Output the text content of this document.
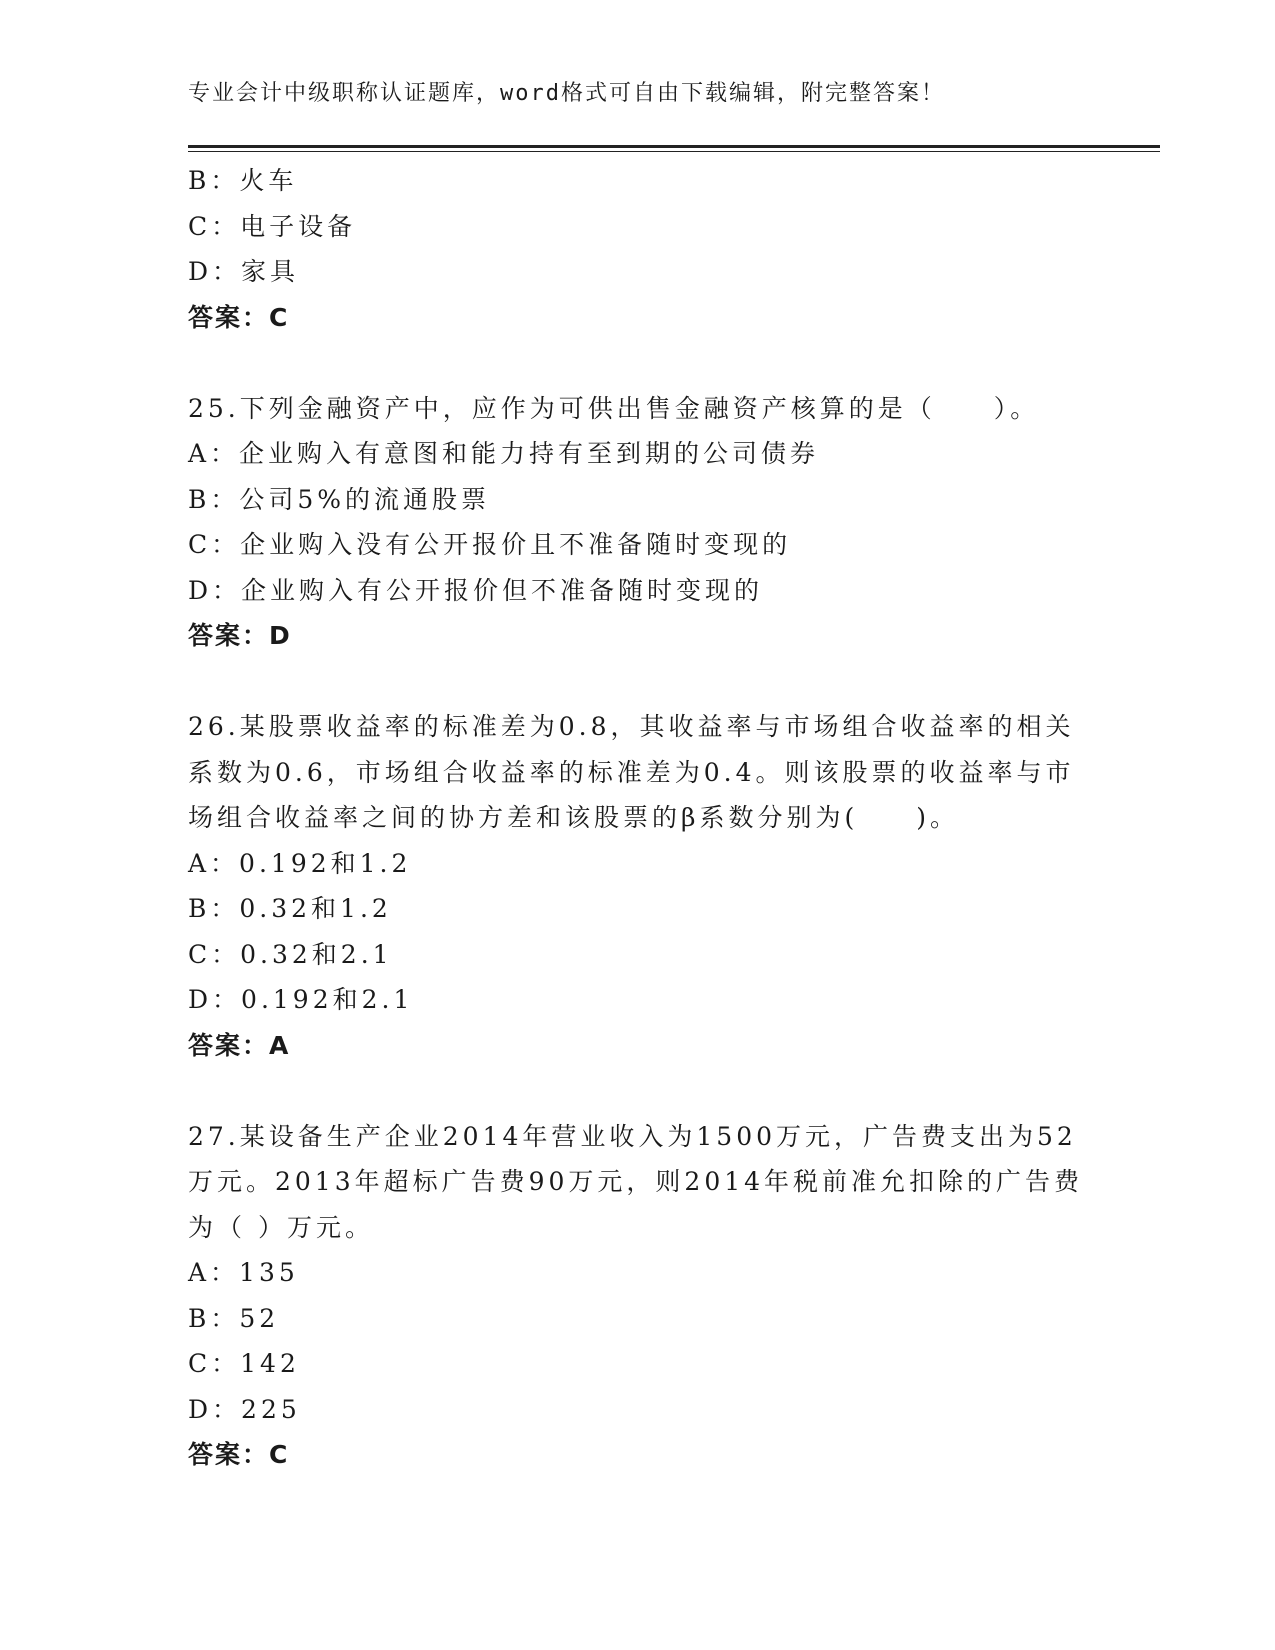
专业会计中级职称认证题库，word格式可自由下载编辑，附完整答案！
B：火车
C：电子设备
D：家具
答案：C
25.下列金融资产中，应作为可供出售金融资产核算的是（　　）。
A：企业购入有意图和能力持有至到期的公司债券
B：公司5%的流通股票
C：企业购入没有公开报价且不准备随时变现的
D：企业购入有公开报价但不准备随时变现的
答案：D
26.某股票收益率的标准差为0.8，其收益率与市场组合收益率的相关
系数为0.6，市场组合收益率的标准差为0.4。则该股票的收益率与市
场组合收益率之间的协方差和该股票的β系数分别为(　　)。
A：0.192和1.2
B：0.32和1.2
C：0.32和2.1
D：0.192和2.1
答案：A
27.某设备生产企业2014年营业收入为1500万元，广告费支出为52
万元。2013年超标广告费90万元，则2014年税前准允扣除的广告费
为（ ）万元。
A：135
B：52
C：142
D：225
答案：C
